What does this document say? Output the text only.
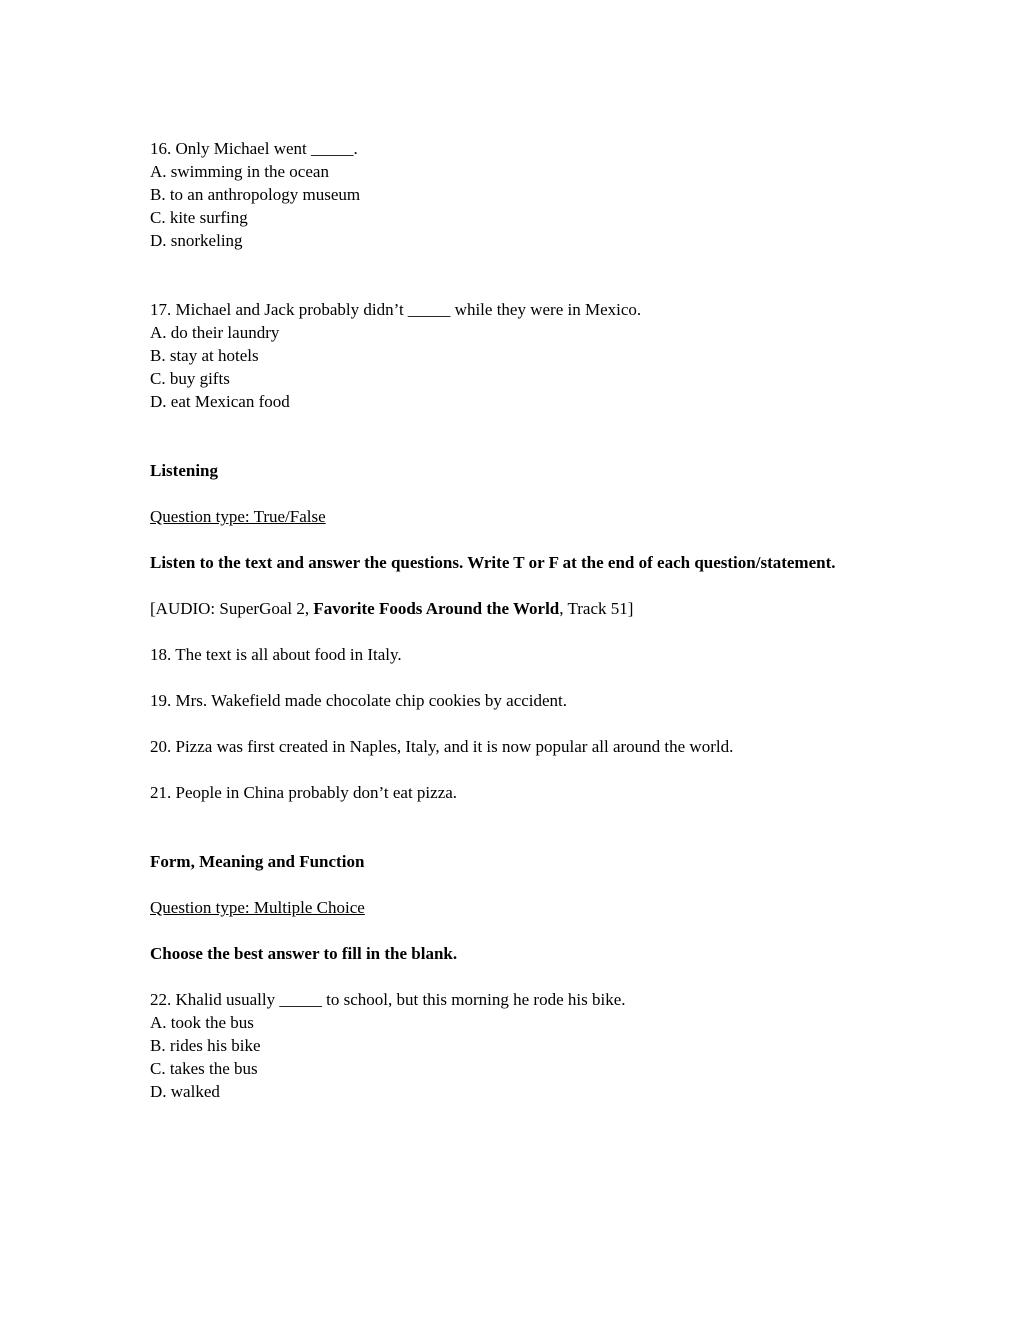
16. Only Michael went _____.
A. swimming in the ocean
B. to an anthropology museum
C. kite surfing
D. snorkeling
17. Michael and Jack probably didn’t _____ while they were in Mexico.
A. do their laundry
B. stay at hotels
C. buy gifts
D. eat Mexican food
Listening
Question type: True/False
Listen to the text and answer the questions. Write T or F at the end of each question/statement.
[AUDIO: SuperGoal 2, Favorite Foods Around the World, Track 51]
18. The text is all about food in Italy.
19. Mrs. Wakefield made chocolate chip cookies by accident.
20. Pizza was first created in Naples, Italy, and it is now popular all around the world.
21. People in China probably don’t eat pizza.
Form, Meaning and Function
Question type: Multiple Choice
Choose the best answer to fill in the blank.
22. Khalid usually _____ to school, but this morning he rode his bike.
A. took the bus
B. rides his bike
C. takes the bus
D. walked
